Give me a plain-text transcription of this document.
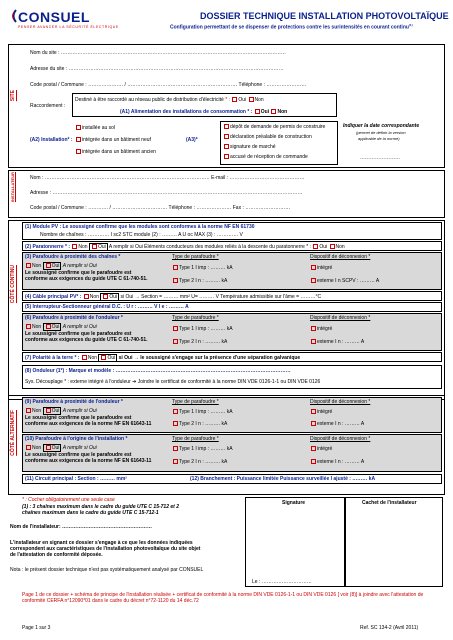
CONSUEL
PENSER AVANCER LA SÉCURITÉ ÉLECTRIQUE
DOSSIER TECHNIQUE INSTALLATION PHOTOVOLTAÏQUE
Configuration permettant de se dispenser de protections contre les surintensités en courant continu$^{(1)}$
SITE
Nom du site : ………………………………………………………………………………………………………………………
Adresse du site : …………………………………………………………………………………………………………………
Code postal / Commune : ………………… / ………………………………………………………… Téléphone : ……………………
Raccordement :
Destiné à être raccordé au réseau public de distribution d'électricité * : Oui Non
(A1) Alimentation des installations de consommation * : Oui Non
(A2) Installation* :
installée au sol
intégrée dans un bâtiment neuf
intégrée dans un bâtiment ancien
(A3)*
dépôt de demande de permis de construire
déclaration préalable de construction
signature de marché
accusé de réception de commande
Indiquer la date correspondante
(permet de définir la version
applicable de la norme)
……………………
INSTALLATEUR	Nom : ……………………………………………………………………………………… E-mail : ………………………………………
Adresse : ……………………………………………………………………………………………………………………………………
Code postal / Commune : ………… / …………………………… Téléphone : ………………… Fax : ………………………
CÔTÉ CONTINU
(1) Module PV : Le soussigné confirme que les modules sont conformes à la norme NF EN 61730
Nombre de chaînes : …………. I sc2 STC module (2) : ……… A U oc MAX (3) : …………. V
(2) Paratonnerre * : Non Oui A remplir si Oui Éléments conducteurs des modules reliés à la descente du paratonnerre * : Oui Non
(3) Parafoudre à proximité des chaînes *	Type de parafoudre *	Dispositif de déconnexion *
Non Oui A remplir si Oui
Le soussigné confirme que le parafoudre est conforme aux exigences du guide UTE C 61-740-51.
Type 1 I imp : ……… kA
Type 2 I n : ……… kA
intégré
externe I n SCPV : ……… A
(4) Câble principal PV* : Non Oui si Oui → Section = ……… mm² U= ……… V Température admissible sur l'âme = ………°C
(5) Interrupteur-Sectionneur général D.C. : U r : ……… V I e : ……… A
(6) Parafoudre à proximité de l'onduleur *	Type de parafoudre *	Dispositif de déconnexion *
Non Oui A remplir si Oui
Le soussigné confirme que le parafoudre est conforme aux exigences du guide UTE C 61-740-51.
Type 1 I imp : ……… kA
Type 2 I n : ……… kA
intégré
externe I n : ……… A
(7) Polarité à la terre * : Non Oui si Oui → le soussigné s'engage sur la présence d'une séparation galvanique
(8) Onduleur (1*) : Marque et modèle : ……………………………………………………………………………………………
Sys. Découplage * : externe intégré à l'onduleur ➔ Joindre le certificat de conformité à la norme DIN VDE 0126-1-1 ou DIN VDE 0126
CÔTÉ ALTERNATIF
(9) Parafoudre à proximité de l'onduleur *	Type de parafoudre *	Dispositif de déconnexion *
Non Oui A remplir si Oui
Le soussigné confirme que le parafoudre est conforme aux exigences de la norme NF EN 61643-11
Type 1 I imp : ……… kA
Type 2 I n : ……… kA
intégré
externe I n : ……… A
(10) Parafoudre à l'origine de l'installation *	Type de parafoudre *	Dispositif de déconnexion *
Non Oui A remplir si Oui
Le soussigné confirme que le parafoudre est conforme aux exigences de la norme NF EN 61643-11
Type 1 I imp : ……… kA
Type 2 I n : ……… kA
intégré
externe I n : ……… A
(11) Circuit principal : Section : ……… mm²	(12) Branchement : Puissance limitée Puissance surveillée I ajusté : ……… kA
* : Cocher obligatoirement une seule case
(1) : 3 chaînes maximum dans le cadre du guide UTE C 15-712 et 2 chaînes maximum dans le cadre du guide UTE C 15-712-1
Nom de l'installateur: ………………………………………………
L'installateur en signant ce dossier s'engage à ce que les données indiquées correspondent aux caractéristiques de l'installation photovoltaïque du site objet de l'attestation de conformité déposée.
Nota : le présent dossier technique n'est pas systématiquement analysé par CONSUEL
Signature
Le : …………………………
Cachet de l'installateur
Page 1 de ce dossier + schéma de principe de l'installation réalisée + certificat de conformité à la norme DIN VDE 0126-1-1 ou DIN VDE 0126 [ voir (8)] à joindre avec l'attestation de conformité CERFA n°12090*01 dans le cadre du décret n°72-1120 du 14 déc.72
Page 1 sur 3	Ref. SC 134-2 (Avril 2011)
